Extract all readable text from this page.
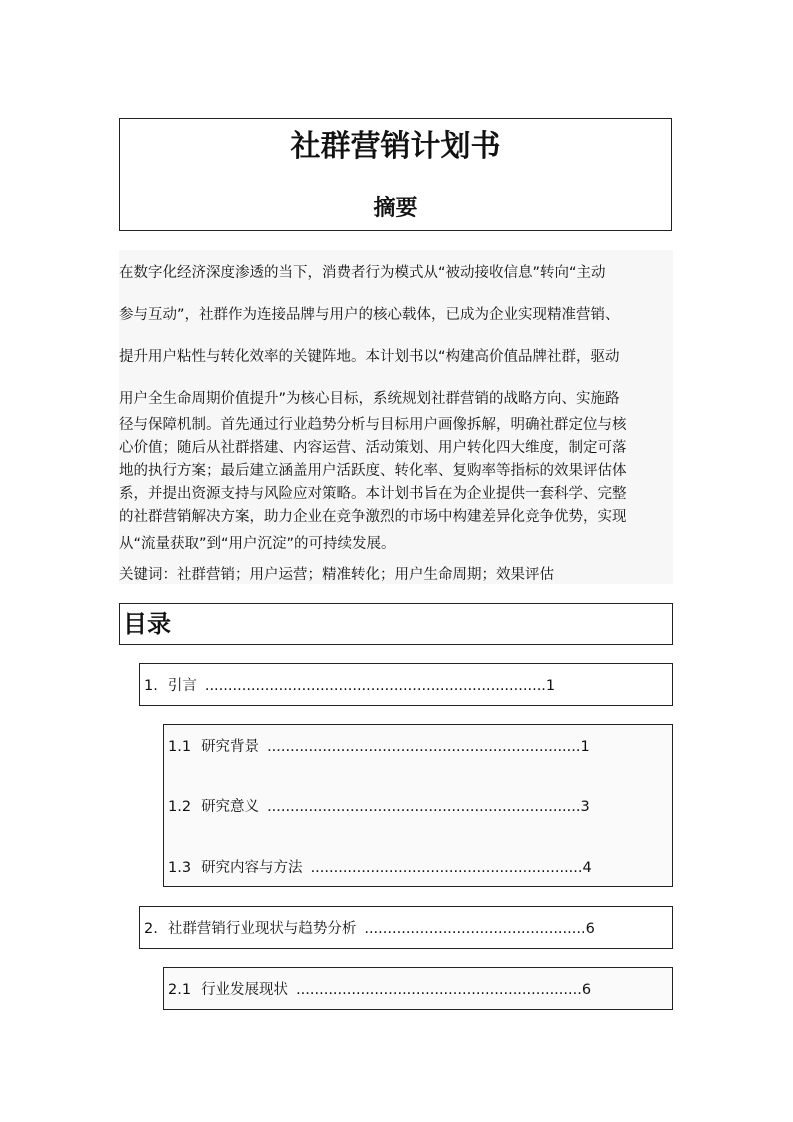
社群营销计划书
摘要
在数字化经济深度渗透的当下，消费者行为模式从“被动接收信息”转向“主动
参与互动”，社群作为连接品牌与用户的核心载体，已成为企业实现精准营销、
提升用户粘性与转化效率的关键阵地。本计划书以“构建高价值品牌社群，驱动
用户全生命周期价值提升”为核心目标，系统规划社群营销的战略方向、实施路
径与保障机制。首先通过行业趋势分析与目标用户画像拆解，明确社群定位与核
心价值；随后从社群搭建、内容运营、活动策划、用户转化四大维度，制定可落
地的执行方案；最后建立涵盖用户活跃度、转化率、复购率等指标的效果评估体
系，并提出资源支持与风险应对策略。本计划书旨在为企业提供一套科学、完整
的社群营销解决方案，助力企业在竞争激烈的市场中构建差异化竞争优势，实现
从“流量获取”到“用户沉淀”的可持续发展。
关键词：社群营销；用户运营；精准转化；用户生命周期；效果评估
目录
1. 引言 ..........................................................................1
1.1 研究背景 ....................................................................1
1.2 研究意义 ....................................................................3
1.3 研究内容与方法 ...........................................................4
2. 社群营销行业现状与趋势分析 ................................................6
2.1 行业发展现状 ..............................................................6
